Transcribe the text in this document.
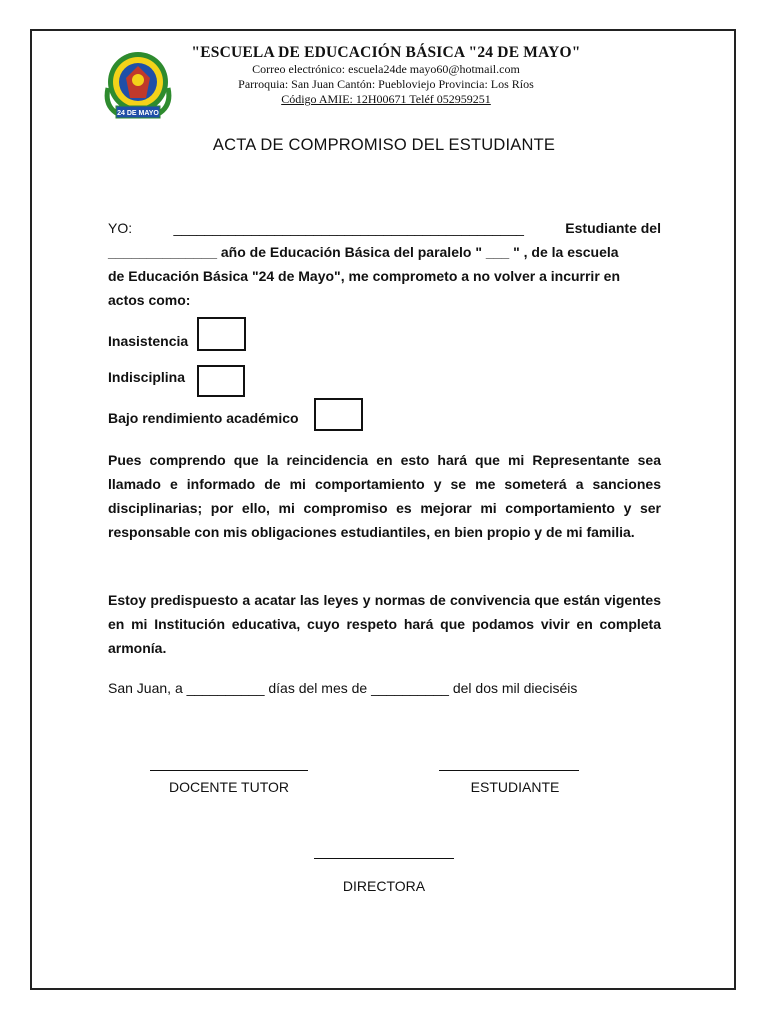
24 DE MAYO
"ESCUELA DE EDUCACIÓN BÁSICA "24 DE MAYO"
Correo electrónico: escuela24de mayo60@hotmail.com
Parroquia: San Juan Cantón: Puebloviejo Provincia: Los Ríos
Código AMIE: 12H00671 Teléf 052959251
ACTA DE COMPROMISO DEL ESTUDIANTE
YO:	_____________________________________________	Estudiante del
______________ año de Educación Básica del paralelo " ___ " , de la escuela
de Educación Básica "24 de Mayo", me comprometo a no volver a incurrir en
actos como:
Inasistencia
Indisciplina
Bajo rendimiento académico
Pues comprendo que la reincidencia en esto hará que mi Representante sea llamado e informado de mi comportamiento y se me someterá a sanciones disciplinarias; por ello, mi compromiso es mejorar mi comportamiento y ser responsable con mis obligaciones estudiantiles, en bien propio y de mi familia.
Estoy predispuesto a acatar las leyes y normas de convivencia que están vigentes en mi Institución educativa, cuyo respeto hará que podamos vivir en completa armonía.
San Juan, a __________ días del mes de __________ del dos mil dieciséis
DOCENTE TUTOR	ESTUDIANTE
DIRECTORA
